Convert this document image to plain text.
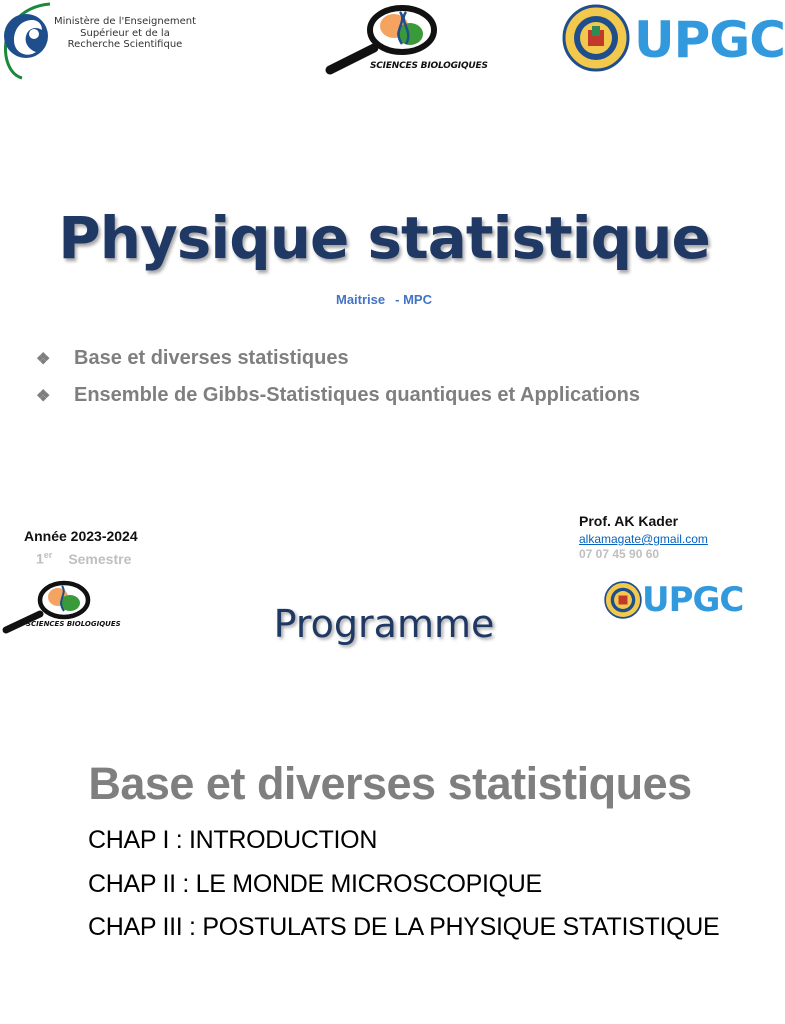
Ministère de l'Enseignement
Supérieur et de la
Recherche Scientifique
SCIENCES BIOLOGIQUES	UPGC
Physique statistique
Maitrise - MPC
❖	Base et diverses statistiques
❖	Ensemble de Gibbs-Statistiques quantiques et Applications
Année 2023-2024
1er Semestre
Prof. AK Kader
alkamagate@gmail.com
07 07 45 90 60
SCIENCES BIOLOGIQUES
UPGC
Programme
Base et diverses statistiques
CHAP I : INTRODUCTION
CHAP II : LE MONDE MICROSCOPIQUE
CHAP III : POSTULATS DE LA PHYSIQUE STATISTIQUE
